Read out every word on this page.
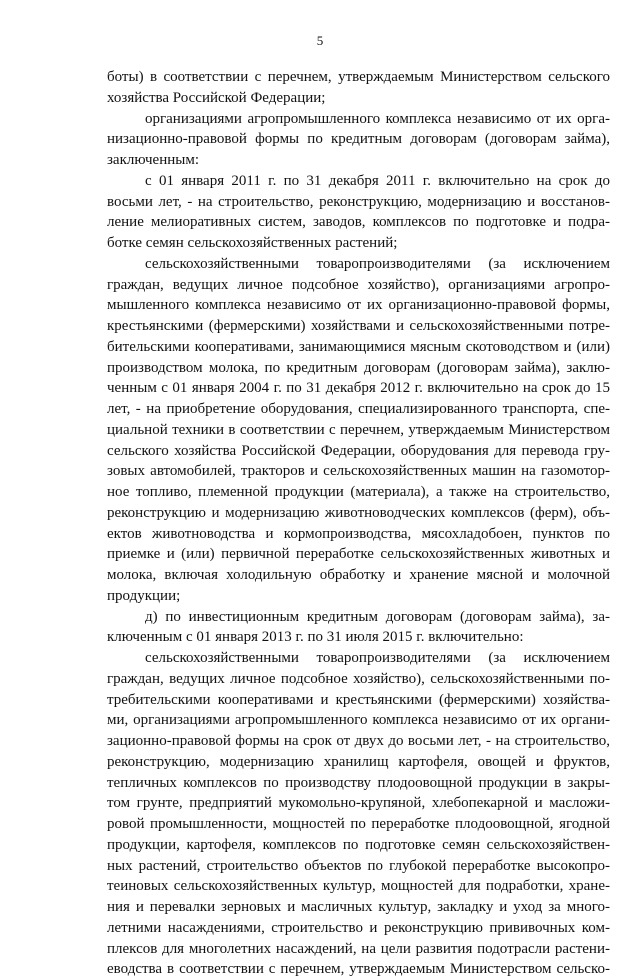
5
боты) в соответствии с перечнем, утверждаемым Министерством сельского
хозяйства Российской Федерации;
организациями агропромышленного комплекса независимо от их орга-
низационно-правовой формы по кредитным договорам (договорам займа),
заключенным:
с 01 января 2011 г. по 31 декабря 2011 г. включительно на срок до
восьми лет, - на строительство, реконструкцию, модернизацию и восстанов-
ление мелиоративных систем, заводов, комплексов по подготовке и подра-
ботке семян сельскохозяйственных растений;
сельскохозяйственными товаропроизводителями (за исключением
граждан, ведущих личное подсобное хозяйство), организациями агропро-
мышленного комплекса независимо от их организационно-правовой формы,
крестьянскими (фермерскими) хозяйствами и сельскохозяйственными потре-
бительскими кооперативами, занимающимися мясным скотоводством и (или)
производством молока, по кредитным договорам (договорам займа), заклю-
ченным с 01 января 2004 г. по 31 декабря 2012 г. включительно на срок до 15
лет, - на приобретение оборудования, специализированного транспорта, спе-
циальной техники в соответствии с перечнем, утверждаемым Министерством
сельского хозяйства Российской Федерации, оборудования для перевода гру-
зовых автомобилей, тракторов и сельскохозяйственных машин на газомотор-
ное топливо, племенной продукции (материала), а также на строительство,
реконструкцию и модернизацию животноводческих комплексов (ферм), объ-
ектов животноводства и кормопроизводства, мясохладобоен, пунктов по
приемке и (или) первичной переработке сельскохозяйственных животных и
молока, включая холодильную обработку и хранение мясной и молочной
продукции;
д) по инвестиционным кредитным договорам (договорам займа), за-
ключенным с 01 января 2013 г. по 31 июля 2015 г. включительно:
сельскохозяйственными товаропроизводителями (за исключением
граждан, ведущих личное подсобное хозяйство), сельскохозяйственными по-
требительскими кооперативами и крестьянскими (фермерскими) хозяйства-
ми, организациями агропромышленного комплекса независимо от их органи-
зационно-правовой формы на срок от двух до восьми лет, - на строительство,
реконструкцию, модернизацию хранилищ картофеля, овощей и фруктов,
тепличных комплексов по производству плодоовощной продукции в закры-
том грунте, предприятий мукомольно-крупяной, хлебопекарной и масложи-
ровой промышленности, мощностей по переработке плодоовощной, ягодной
продукции, картофеля, комплексов по подготовке семян сельскохозяйствен-
ных растений, строительство объектов по глубокой переработке высокопро-
теиновых сельскохозяйственных культур, мощностей для подработки, хране-
ния и перевалки зерновых и масличных культур, закладку и уход за много-
летними насаждениями, строительство и реконструкцию прививочных ком-
плексов для многолетних насаждений, на цели развития подотрасли растени-
еводства в соответствии с перечнем, утверждаемым Министерством сельско-
